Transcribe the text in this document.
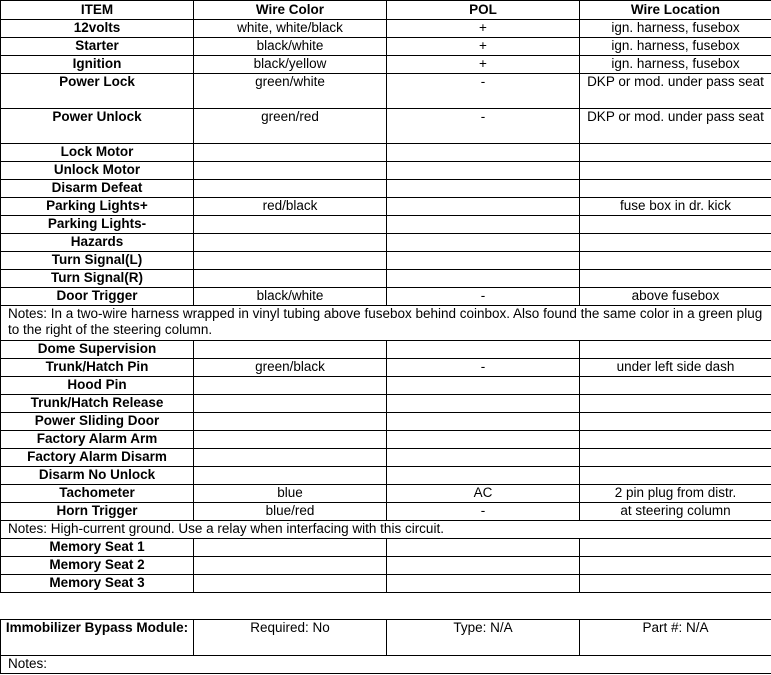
ITEM	Wire Color	POL	Wire Location
12volts	white, white/black	+	ign. harness, fusebox
Starter	black/white	+	ign. harness, fusebox
Ignition	black/yellow	+	ign. harness, fusebox
Power Lock	green/white	-	DKP or mod. under pass seat
Power Unlock	green/red	-	DKP or mod. under pass seat
Lock Motor			
Unlock Motor			
Disarm Defeat			
Parking Lights+	red/black		fuse box in dr. kick
Parking Lights-			
Hazards			
Turn Signal(L)			
Turn Signal(R)			
Door Trigger	black/white	-	above fusebox
Notes: In a two-wire harness wrapped in vinyl tubing above fusebox behind coinbox. Also found the same color in a green plug to the right of the steering column.			
Dome Supervision			
Trunk/Hatch Pin	green/black	-	under left side dash
Hood Pin			
Trunk/Hatch Release			
Power Sliding Door			
Factory Alarm Arm			
Factory Alarm Disarm			
Disarm No Unlock			
Tachometer	blue	AC	2 pin plug from distr.
Horn Trigger	blue/red	-	at steering column
Notes: High-current ground. Use a relay when interfacing with this circuit.			
Memory Seat 1			
Memory Seat 2			
Memory Seat 3			
Immobilizer Bypass Module:	Required: No	Type: N/A	Part #: N/A
Notes:
